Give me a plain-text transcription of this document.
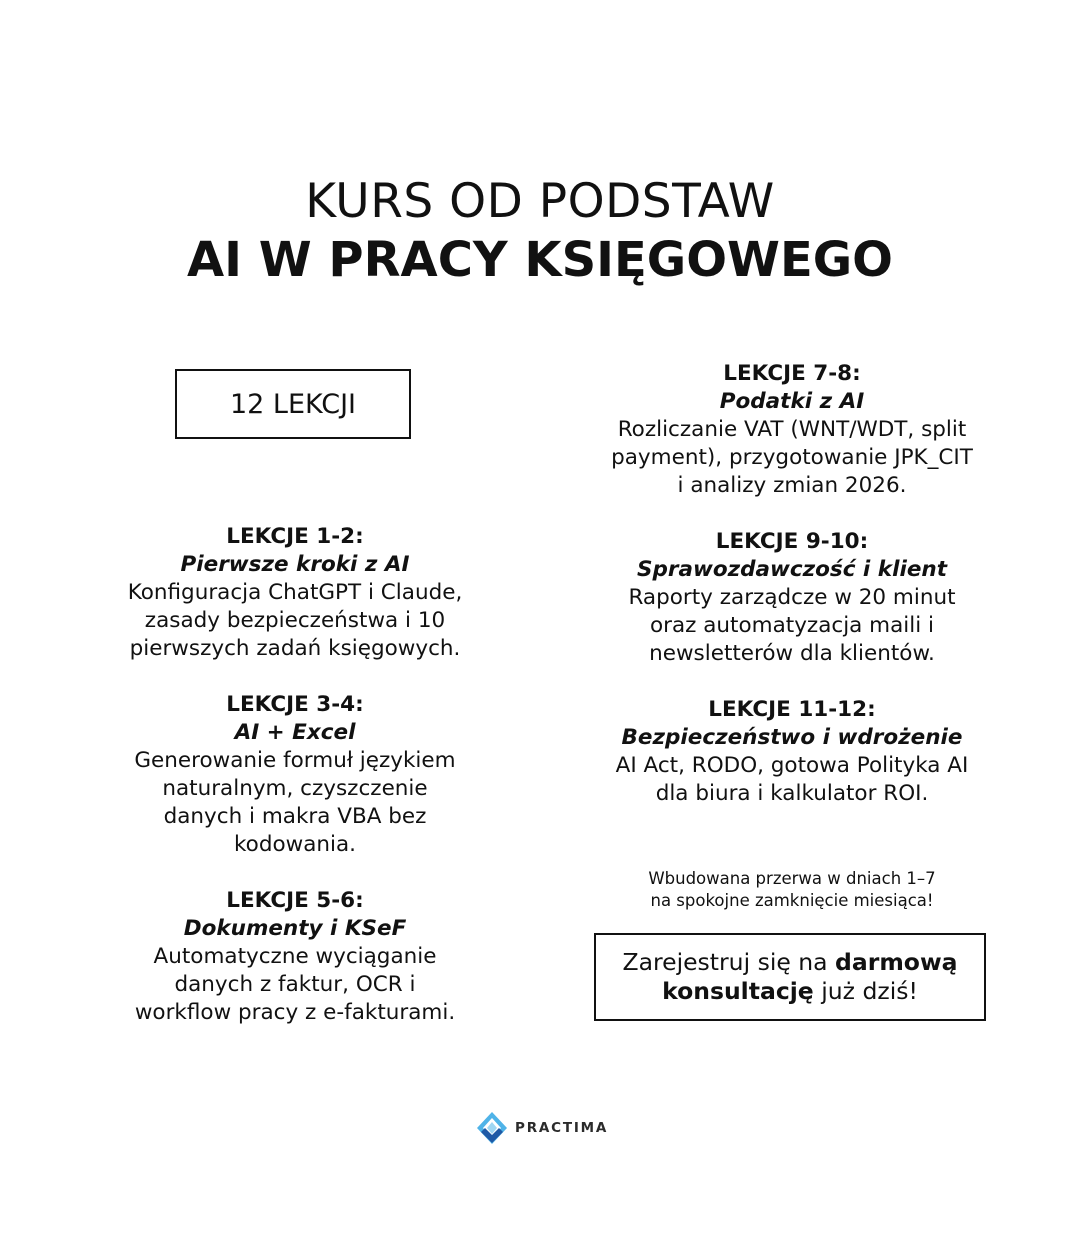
KURS OD PODSTAW
AI W PRACY KSIĘGOWEGO
12 LEKCJI
LEKCJE 1-2:
Pierwsze kroki z AI
Konfiguracja ChatGPT i Claude,
zasady bezpieczeństwa i 10
pierwszych zadań księgowych.
LEKCJE 3-4:
AI + Excel
Generowanie formuł językiem
naturalnym, czyszczenie
danych i makra VBA bez
kodowania.
LEKCJE 5-6:
Dokumenty i KSeF
Automatyczne wyciąganie
danych z faktur, OCR i
workflow pracy z e-fakturami.
LEKCJE 7-8:
Podatki z AI
Rozliczanie VAT (WNT/WDT, split
payment), przygotowanie JPK_CIT
i analizy zmian 2026.
LEKCJE 9-10:
Sprawozdawczość i klient
Raporty zarządcze w 20 minut
oraz automatyzacja maili i
newsletterów dla klientów.
LEKCJE 11-12:
Bezpieczeństwo i wdrożenie
AI Act, RODO, gotowa Polityka AI
dla biura i kalkulator ROI.
Wbudowana przerwa w dniach 1–7
na spokojne zamknięcie miesiąca!
Zarejestruj się na darmową
konsultację już dziś!
PRACTIMA
